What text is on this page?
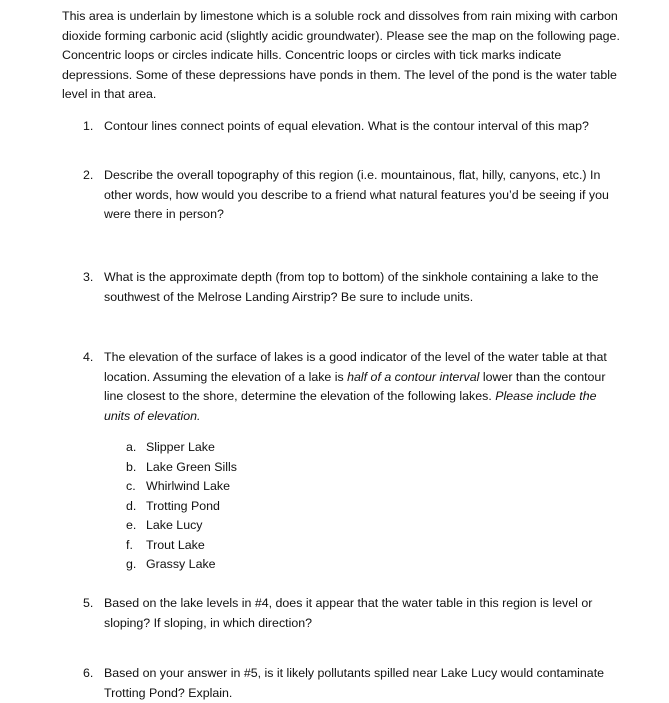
This area is underlain by limestone which is a soluble rock and dissolves from rain mixing with carbon dioxide forming carbonic acid (slightly acidic groundwater). Please see the map on the following page. Concentric loops or circles indicate hills. Concentric loops or circles with tick marks indicate depressions. Some of these depressions have ponds in them. The level of the pond is the water table level in that area.
1. Contour lines connect points of equal elevation. What is the contour interval of this map?
2. Describe the overall topography of this region (i.e. mountainous, flat, hilly, canyons, etc.) In other words, how would you describe to a friend what natural features you’d be seeing if you were there in person?
3. What is the approximate depth (from top to bottom) of the sinkhole containing a lake to the southwest of the Melrose Landing Airstrip? Be sure to include units.
4. The elevation of the surface of lakes is a good indicator of the level of the water table at that location. Assuming the elevation of a lake is half of a contour interval lower than the contour line closest to the shore, determine the elevation of the following lakes. Please include the units of elevation.
a. Slipper Lake
b. Lake Green Sills
c. Whirlwind Lake
d. Trotting Pond
e. Lake Lucy
f. Trout Lake
g. Grassy Lake
5. Based on the lake levels in #4, does it appear that the water table in this region is level or sloping? If sloping, in which direction?
6. Based on your answer in #5, is it likely pollutants spilled near Lake Lucy would contaminate Trotting Pond? Explain.
